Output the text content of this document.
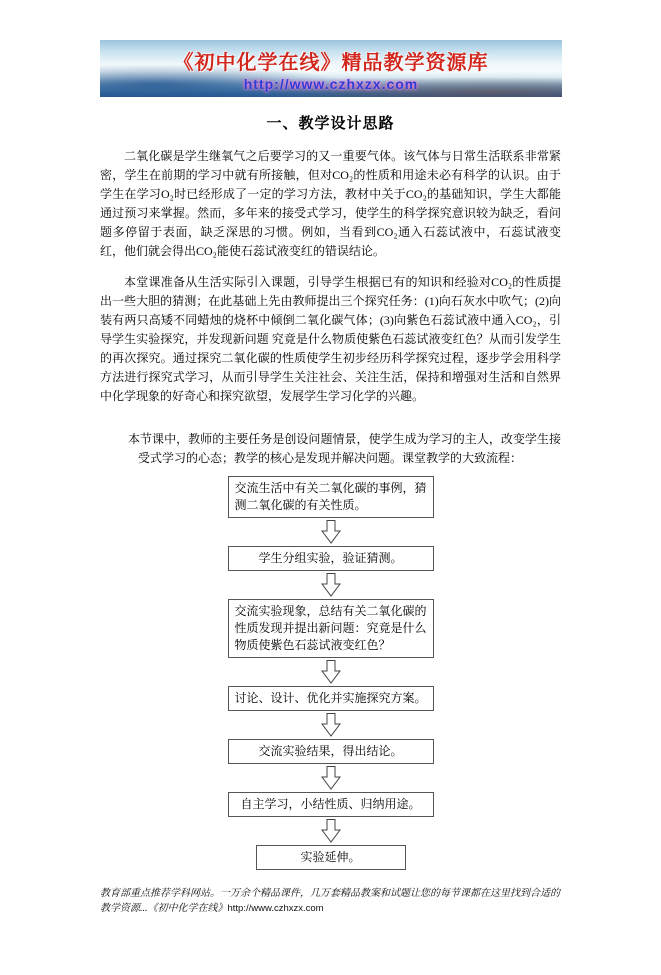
《初中化学在线》精品教学资源库
http://www.czhxzx.com
一、教学设计思路

二氧化碳是学生继氧气之后要学习的又一重要气体。该气体与日常生活联系非常紧密，学生在前期的学习中就有所接触，但对CO₂的性质和用途未必有科学的认识。由于学生在学习O₂时已经形成了一定的学习方法，教材中关于CO₂的基础知识，学生大都能通过预习来掌握。然而，多年来的接受式学习，使学生的科学探究意识较为缺乏，看问题多停留于表面，缺乏深思的习惯。例如，当看到CO₂通入石蕊试液中，石蕊试液变红，他们就会得出CO₂能使石蕊试液变红的错误结论。

本堂课准备从生活实际引入课题，引导学生根据已有的知识和经验对CO₂的性质提出一些大胆的猜测；在此基础上先由教师提出三个探究任务：(1)向石灰水中吹气；(2)向装有两只高矮不同蜡烛的烧杯中倾倒二氧化碳气体；(3)向紫色石蕊试液中通入CO₂，引导学生实验探究，并发现新问题 究竟是什么物质使紫色石蕊试液变红色？从而引发学生的再次探究。通过探究二氧化碳的性质使学生初步经历科学探究过程，逐步学会用科学方法进行探究式学习，从而引导学生关注社会、关注生活，保持和增强对生活和自然界中化学现象的好奇心和探究欲望，发展学生学习化学的兴趣。

本节课中，教师的主要任务是创设问题情景，使学生成为学习的主人，改变学生接受式学习的心态；教学的核心是发现并解决问题。课堂教学的大致流程：

交流生活中有关二氧化碳的事例，猜测二氧化碳的有关性质。
学生分组实验，验证猜测。
交流实验现象，总结有关二氧化碳的性质发现并提出新问题：究竟是什么物质使紫色石蕊试液变红色？
讨论、设计、优化并实施探究方案。
交流实验结果，得出结论。
自主学习，小结性质、归纳用途。
实验延伸。
教育部重点推荐学科网站。一万余个精品课件，几万套精品教案和试题让您的每节课都在这里找到合适的教学资源...《初中化学在线》http://www.czhxzx.com
